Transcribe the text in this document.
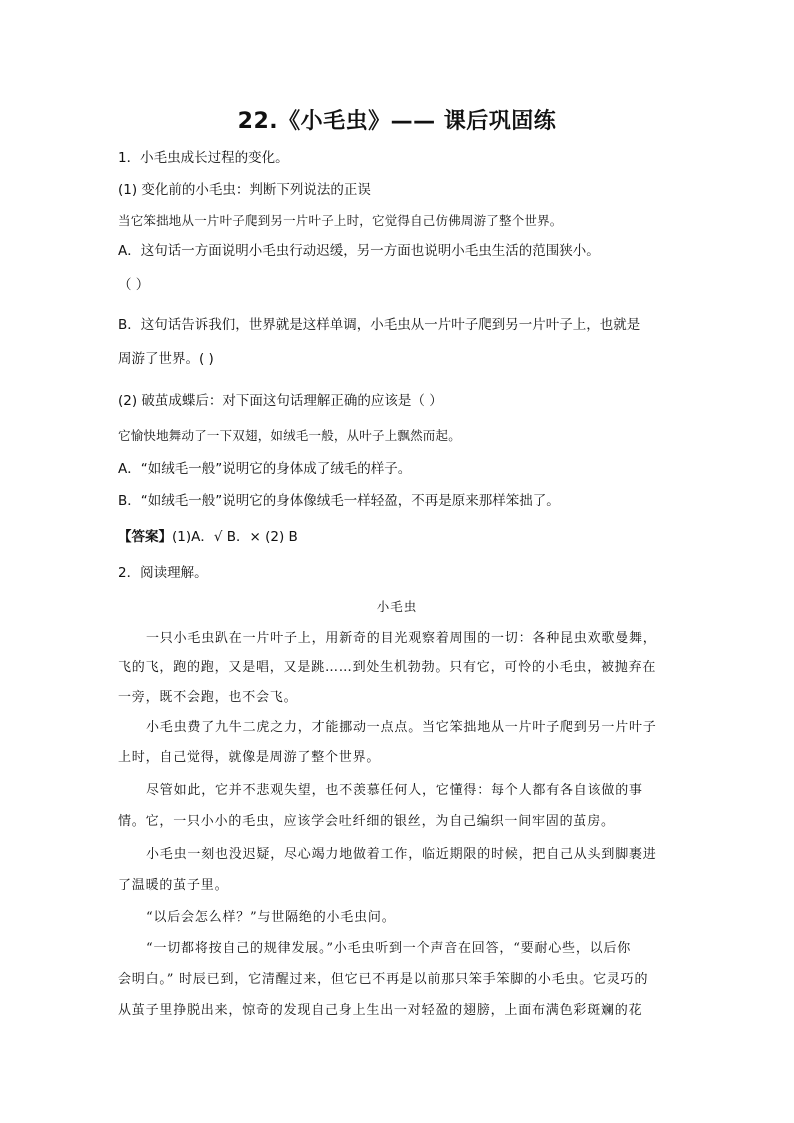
22.《小毛虫》—— 课后巩固练
1．小毛虫成长过程的变化。
(1) 变化前的小毛虫：判断下列说法的正误
当它笨拙地从一片叶子爬到另一片叶子上时，它觉得自己仿佛周游了整个世界。
A．这句话一方面说明小毛虫行动迟缓，另一方面也说明小毛虫生活的范围狭小。
（ ）
B．这句话告诉我们，世界就是这样单调，小毛虫从一片叶子爬到另一片叶子上，也就是
周游了世界。( )
(2) 破茧成蝶后：对下面这句话理解正确的应该是（ ）
它愉快地舞动了一下双翅，如绒毛一般，从叶子上飘然而起。
A．“如绒毛一般”说明它的身体成了绒毛的样子。
B．“如绒毛一般”说明它的身体像绒毛一样轻盈，不再是原来那样笨拙了。
【答案】(1)A．√ B．× (2) B
2．阅读理解。
小毛虫
一只小毛虫趴在一片叶子上，用新奇的目光观察着周围的一切：各种昆虫欢歌曼舞，
飞的飞，跑的跑，又是唱，又是跳……到处生机勃勃。只有它，可怜的小毛虫，被抛弃在
一旁，既不会跑，也不会飞。
小毛虫费了九牛二虎之力，才能挪动一点点。当它笨拙地从一片叶子爬到另一片叶子
上时，自己觉得，就像是周游了整个世界。
尽管如此，它并不悲观失望，也不羡慕任何人，它懂得：每个人都有各自该做的事
情。它，一只小小的毛虫，应该学会吐纤细的银丝，为自己编织一间牢固的茧房。
小毛虫一刻也没迟疑，尽心竭力地做着工作，临近期限的时候，把自己从头到脚裹进
了温暖的茧子里。
“以后会怎么样？”与世隔绝的小毛虫问。
“一切都将按自己的规律发展。”小毛虫听到一个声音在回答，“要耐心些，以后你
会明白。” 时辰已到，它清醒过来，但它已不再是以前那只笨手笨脚的小毛虫。它灵巧的
从茧子里挣脱出来，惊奇的发现自己身上生出一对轻盈的翅膀，上面布满色彩斑斓的花
